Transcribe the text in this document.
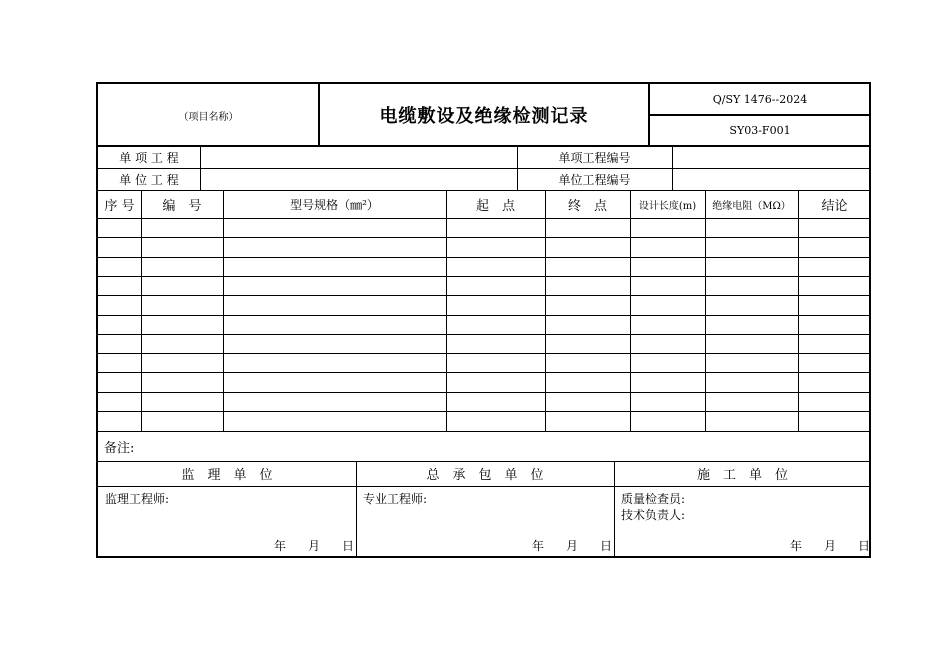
（项目名称）	电缆敷设及绝缘检测记录
Q/SY 1476--2024
SY03-F001
单 项 工 程	单项工程编号
单 位 工 程	单位工程编号
序 号	编　号	型号规格（㎜²）	起　点	终　点	设计长度(m)	绝缘电阻（MΩ）	结论
备注:
监　理　单　位	总　承　包　单　位	施　工　单　位
监理工程师:	专业工程师:	质量检查员:
技术负责人:
年 月 日	年 月 日	年 月 日
